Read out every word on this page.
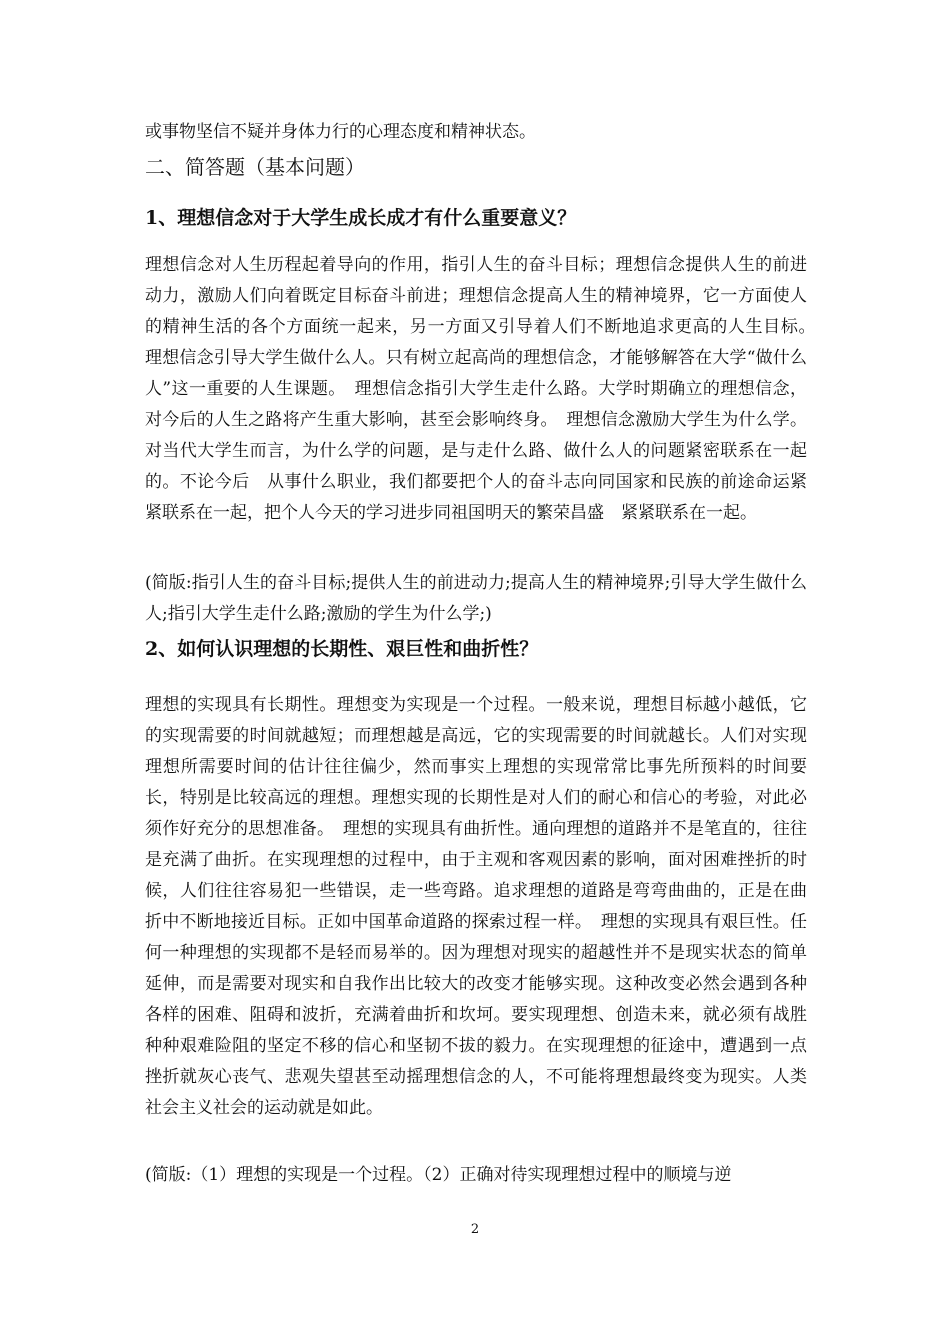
或事物坚信不疑并身体力行的心理态度和精神状态。

二、简答题（基本问题）
1、理想信念对于大学生成长成才有什么重要意义？

理想信念对人生历程起着导向的作用，指引人生的奋斗目标；理想信念提供人生的前进动力，激励人们向着既定目标奋斗前进；理想信念提高人生的精神境界，它一方面使人的精神生活的各个方面统一起来，另一方面又引导着人们不断地追求更高的人生目标。　理想信念引导大学生做什么人。只有树立起高尚的理想信念，才能够解答在大学“做什么人”这一重要的人生课题。　理想信念指引大学生走什么路。大学时期确立的理想信念，对今后的人生之路将产生重大影响，甚至会影响终身。　理想信念激励大学生为什么学。对当代大学生而言，为什么学的问题，是与走什么路、做什么人的问题紧密联系在一起的。不论今后　从事什么职业，我们都要把个人的奋斗志向同国家和民族的前途命运紧紧联系在一起，把个人今天的学习进步同祖国明天的繁荣昌盛　紧紧联系在一起。

(简版:指引人生的奋斗目标;提供人生的前进动力;提高人生的精神境界;引导大学生做什么人;指引大学生走什么路;激励的学生为什么学;)

2、如何认识理想的长期性、艰巨性和曲折性？

理想的实现具有长期性。理想变为实现是一个过程。一般来说，理想目标越小越低，它的实现需要的时间就越短；而理想越是高远，它的实现需要的时间就越长。人们对实现理想所需要时间的估计往往偏少，然而事实上理想的实现常常比事先所预料的时间要长，特别是比较高远的理想。理想实现的长期性是对人们的耐心和信心的考验，对此必须作好充分的思想准备。　理想的实现具有曲折性。通向理想的道路并不是笔直的，往往是充满了曲折。在实现理想的过程中，由于主观和客观因素的影响，面对困难挫折的时候，人们往往容易犯一些错误，走一些弯路。追求理想的道路是弯弯曲曲的，正是在曲折中不断地接近目标。正如中国革命道路的探索过程一样。　理想的实现具有艰巨性。任何一种理想的实现都不是轻而易举的。因为理想对现实的超越性并不是现实状态的简单延伸，而是需要对现实和自我作出比较大的改变才能够实现。这种改变必然会遇到各种各样的困难、阻碍和波折，充满着曲折和坎坷。要实现理想、创造未来，就必须有战胜种种艰难险阻的坚定不移的信心和坚韧不拔的毅力。在实现理想的征途中，遭遇到一点挫折就灰心丧气、悲观失望甚至动摇理想信念的人，不可能将理想最终变为现实。人类社会主义社会的运动就是如此。

(简版:（1）理想的实现是一个过程。（2）正确对待实现理想过程中的顺境与逆

2
